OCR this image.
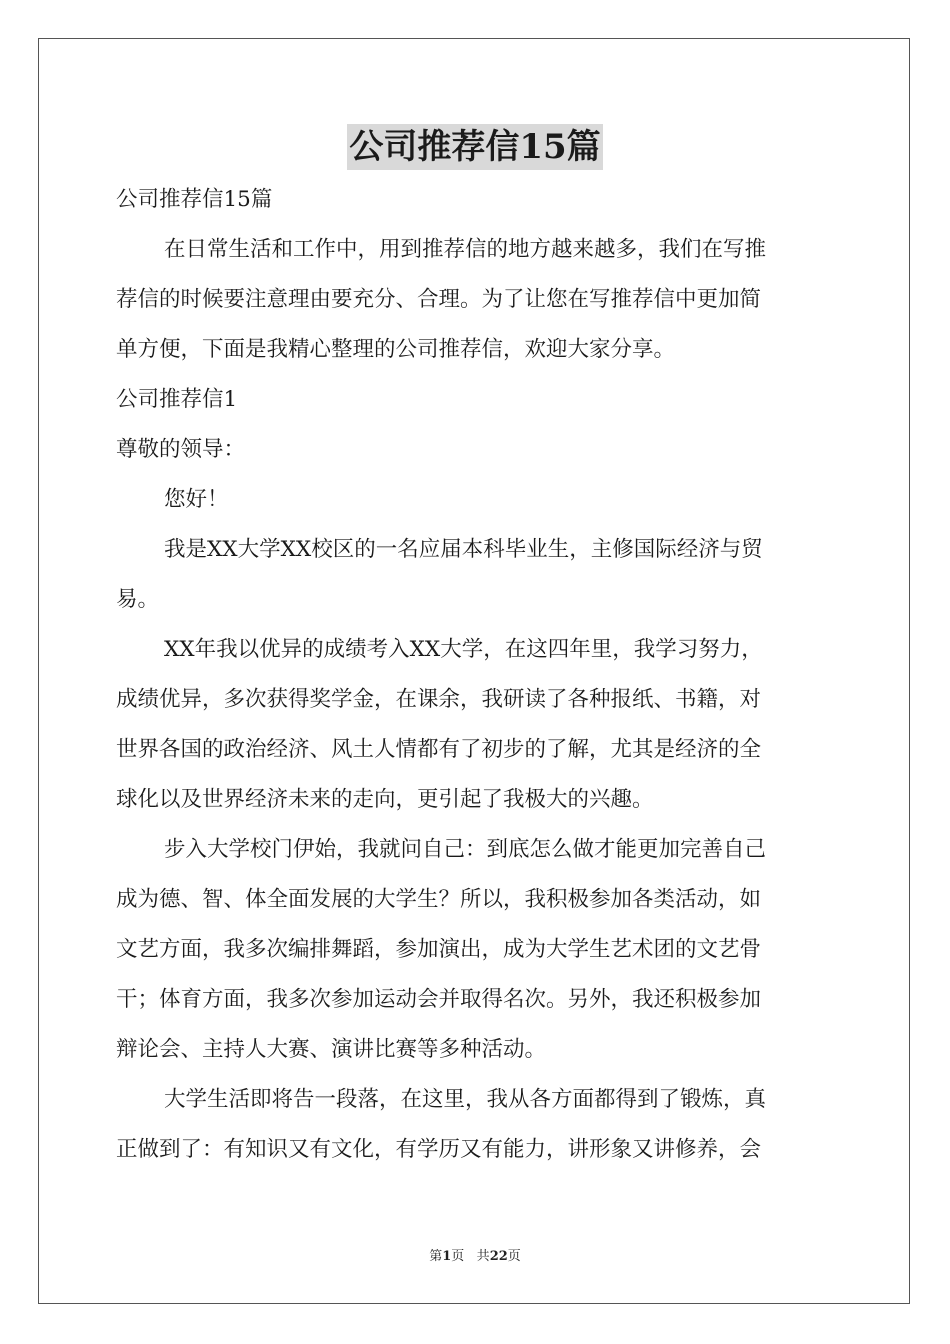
公司推荐信15篇
公司推荐信15篇
在日常生活和工作中，用到推荐信的地方越来越多，我们在写推
荐信的时候要注意理由要充分、合理。为了让您在写推荐信中更加简
单方便，下面是我精心整理的公司推荐信，欢迎大家分享。
公司推荐信1
尊敬的领导：
您好！
我是XX大学XX校区的一名应届本科毕业生，主修国际经济与贸
易。
XX年我以优异的成绩考入XX大学，在这四年里，我学习努力，
成绩优异，多次获得奖学金，在课余，我研读了各种报纸、书籍，对
世界各国的政治经济、风土人情都有了初步的了解，尤其是经济的全
球化以及世界经济未来的走向，更引起了我极大的兴趣。
步入大学校门伊始，我就问自己：到底怎么做才能更加完善自己
成为德、智、体全面发展的大学生？所以，我积极参加各类活动，如
文艺方面，我多次编排舞蹈，参加演出，成为大学生艺术团的文艺骨
干；体育方面，我多次参加运动会并取得名次。另外，我还积极参加
辩论会、主持人大赛、演讲比赛等多种活动。
大学生活即将告一段落，在这里，我从各方面都得到了锻炼，真
正做到了：有知识又有文化，有学历又有能力，讲形象又讲修养，会
第1页 共22页
